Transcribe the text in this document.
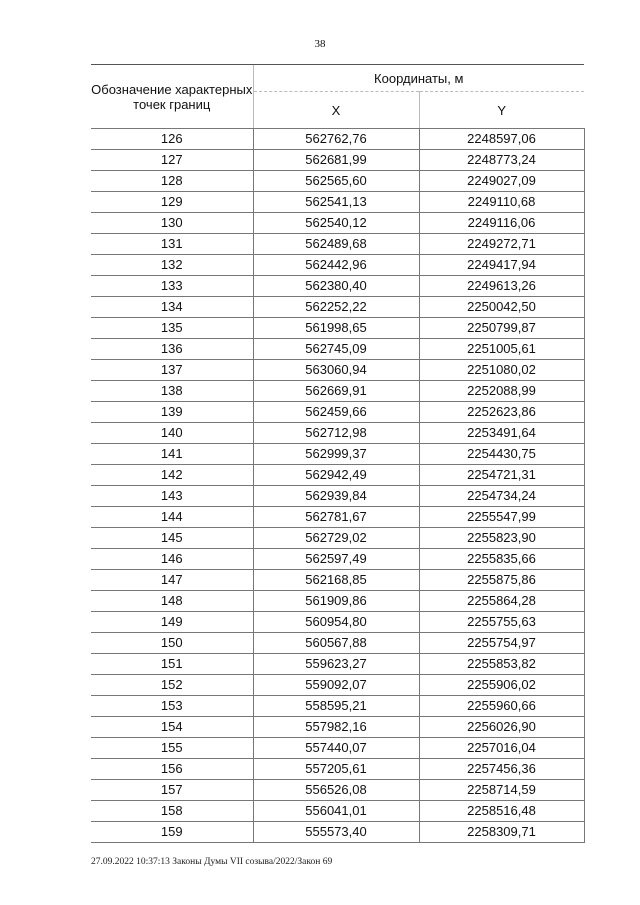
38
Обозначение характерных точек границ	Координаты, м	
	X	Y
126	562762,76	2248597,06
127	562681,99	2248773,24
128	562565,60	2249027,09
129	562541,13	2249110,68
130	562540,12	2249116,06
131	562489,68	2249272,71
132	562442,96	2249417,94
133	562380,40	2249613,26
134	562252,22	2250042,50
135	561998,65	2250799,87
136	562745,09	2251005,61
137	563060,94	2251080,02
138	562669,91	2252088,99
139	562459,66	2252623,86
140	562712,98	2253491,64
141	562999,37	2254430,75
142	562942,49	2254721,31
143	562939,84	2254734,24
144	562781,67	2255547,99
145	562729,02	2255823,90
146	562597,49	2255835,66
147	562168,85	2255875,86
148	561909,86	2255864,28
149	560954,80	2255755,63
150	560567,88	2255754,97
151	559623,27	2255853,82
152	559092,07	2255906,02
153	558595,21	2255960,66
154	557982,16	2256026,90
155	557440,07	2257016,04
156	557205,61	2257456,36
157	556526,08	2258714,59
158	556041,01	2258516,48
159	555573,40	2258309,71
27.09.2022 10:37:13 Законы Думы VII созыва/2022/Закон 69
